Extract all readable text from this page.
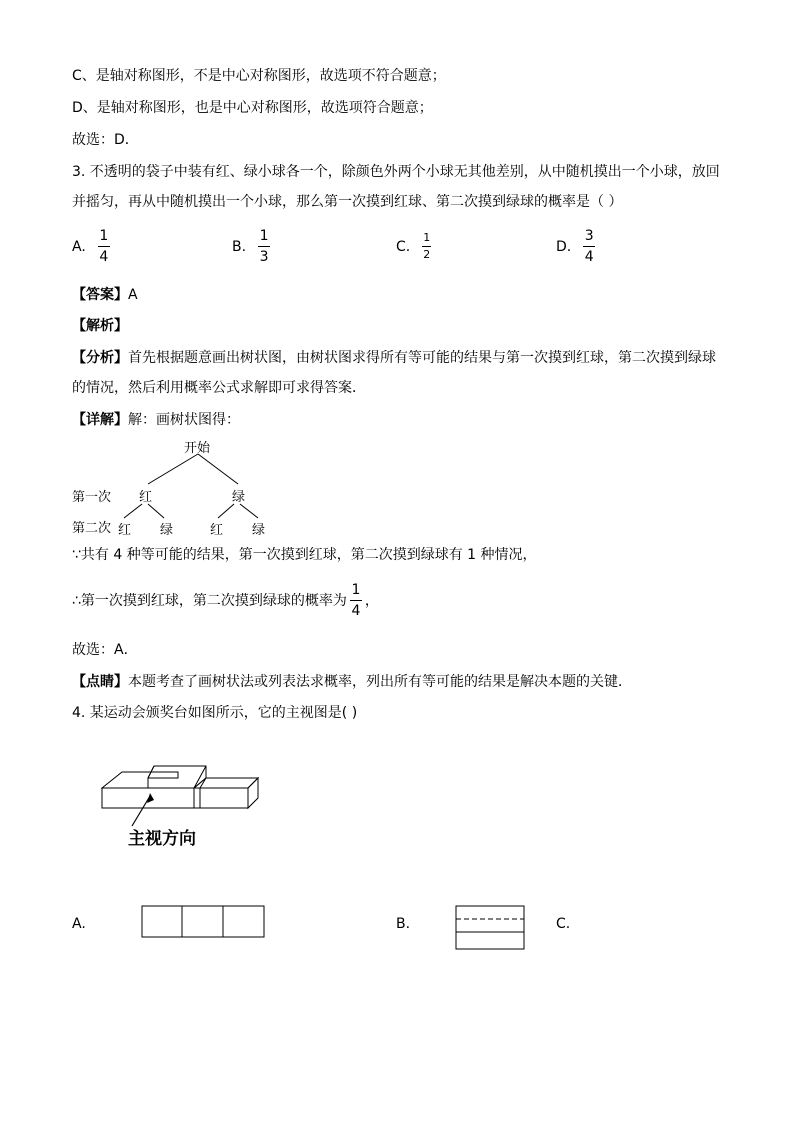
C、是轴对称图形，不是中心对称图形，故选项不符合题意；
D、是轴对称图形，也是中心对称图形，故选项符合题意；
故选：D．
3. 不透明的袋子中装有红、绿小球各一个，除颜色外两个小球无其他差别，从中随机摸出一个小球，放回
并摇匀，再从中随机摸出一个小球，那么第一次摸到红球、第二次摸到绿球的概率是（ ）
A. $\frac{1}{4}$	B. $\frac{1}{3}$	C. $\frac{1}{2}$	D. $\frac{3}{4}$
【答案】A
【解析】
【分析】首先根据题意画出树状图，由树状图求得所有等可能的结果与第一次摸到红球，第二次摸到绿球
的情况，然后利用概率公式求解即可求得答案．
【详解】解：画树状图得：
开始
第一次
第二次
红	绿
红 绿	红 绿
∵共有 4 种等可能的结果，第一次摸到红球，第二次摸到绿球有 1 种情况，
∴ 第一次摸到红球，第二次摸到绿球的概率为 $\frac{1}{4}$ ，
故选：A．
【点睛】本题考查了画树状法或列表法求概率，列出所有等可能的结果是解决本题的关键．
4. 某运动会颁奖台如图所示，它的主视图是( )
主视方向
A.	B.	C.
